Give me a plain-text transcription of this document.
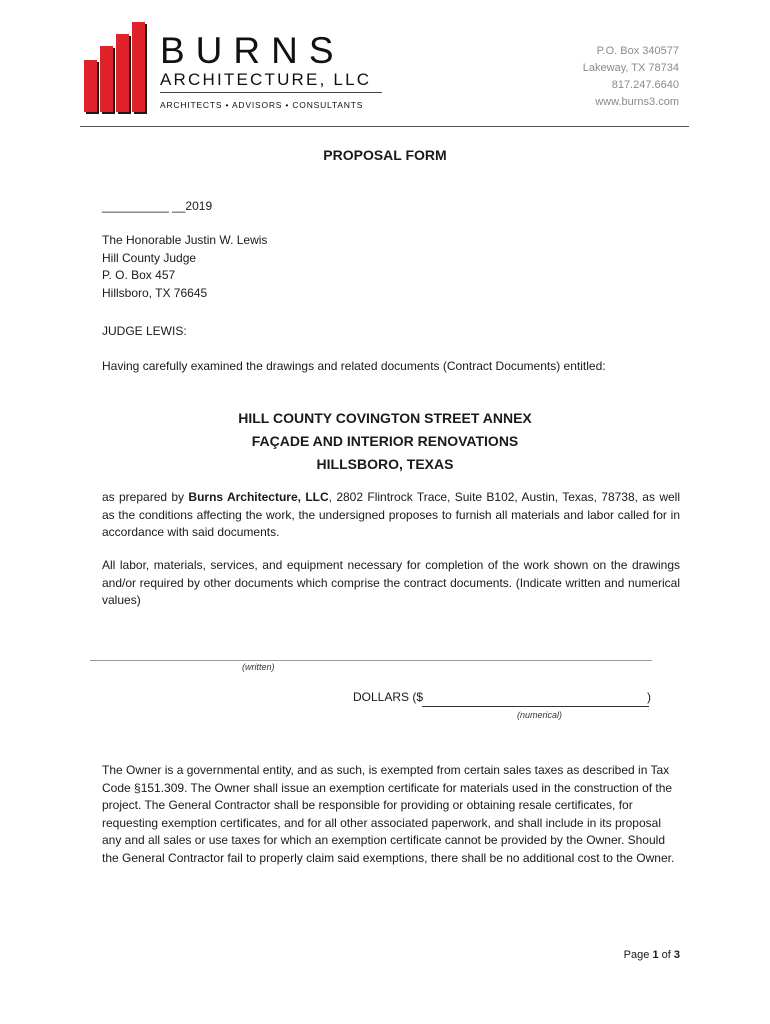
BURNS
ARCHITECTURE, LLC
ARCHITECTS • ADVISORS • CONSULTANTS
P.O. Box 340577
Lakeway, TX 78734
817.247.6640
www.burns3.com
PROPOSAL FORM
__________ __2019
The Honorable Justin W. Lewis
Hill County Judge
P. O. Box 457
Hillsboro, TX 76645
JUDGE LEWIS:
Having carefully examined the drawings and related documents (Contract Documents) entitled:
HILL COUNTY COVINGTON STREET ANNEX
FAÇADE AND INTERIOR RENOVATIONS
HILLSBORO, TEXAS
as prepared by Burns Architecture, LLC, 2802 Flintrock Trace, Suite B102, Austin, Texas, 78738, as well as the conditions affecting the work, the undersigned proposes to furnish all materials and labor called for in accordance with said documents.
All labor, materials, services, and equipment necessary for completion of the work shown on the drawings and/or required by other documents which comprise the contract documents. (Indicate written and numerical values)
(written)
DOLLARS ($	)
(numerical)
The Owner is a governmental entity, and as such, is exempted from certain sales taxes as described in Tax Code §151.309. The Owner shall issue an exemption certificate for materials used in the construction of the project. The General Contractor shall be responsible for providing or obtaining resale certificates, for requesting exemption certificates, and for all other associated paperwork, and shall include in its proposal any and all sales or use taxes for which an exemption certificate cannot be provided by the Owner. Should the General Contractor fail to properly claim said exemptions, there shall be no additional cost to the Owner.
Page 1 of 3
